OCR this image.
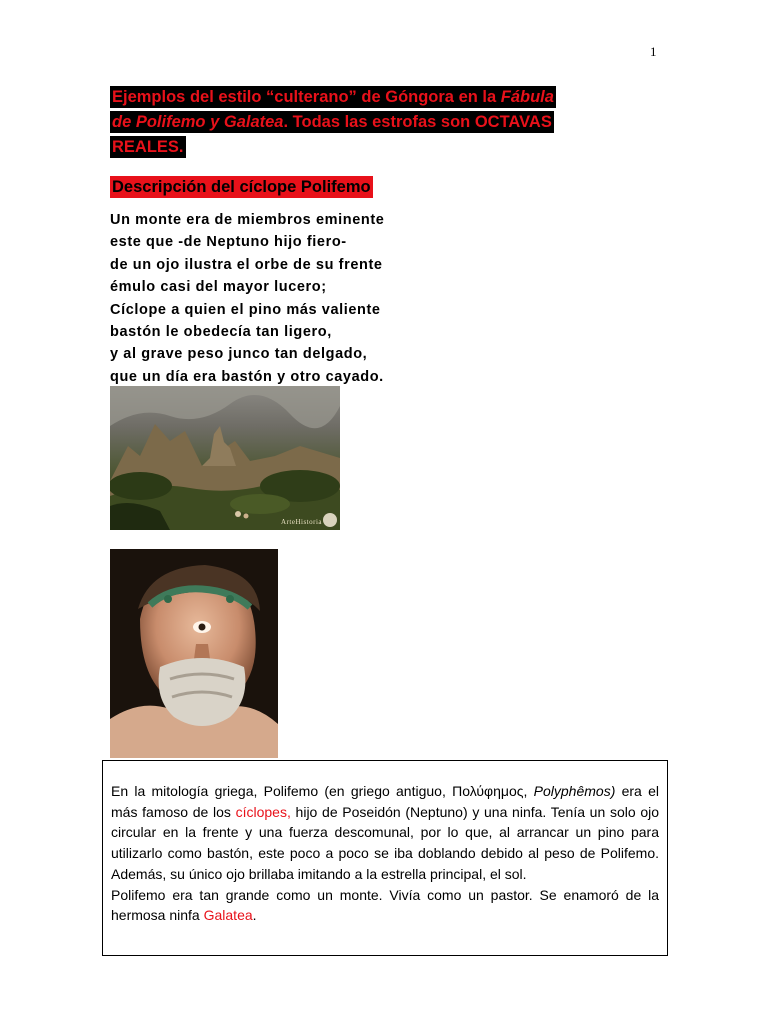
1
Ejemplos del estilo “culterano” de Góngora en la Fábula
de Polifemo y Galatea. Todas las estrofas son OCTAVAS
REALES.
Descripción del cíclope Polifemo
Un monte era de miembros eminente
este que -de Neptuno hijo fiero-
de un ojo ilustra el orbe de su frente
émulo casi del mayor lucero;
Cíclope a quien el pino más valiente
bastón le obedecía tan ligero,
y al grave peso junco tan delgado,
que un día era bastón y otro cayado.
ArteHistoria

En la mitología griega, Polifemo (en griego antiguo, Πολύφημος, Polyphêmos) era el más famoso de los cíclopes, hijo de Poseidón (Neptuno) y una ninfa. Tenía un solo ojo circular en la frente y una fuerza descomunal, por lo que, al arrancar un pino para utilizarlo como bastón, este poco a poco se iba doblando debido al peso de Polifemo. Además, su único ojo brillaba imitando a la estrella principal, el sol.

Polifemo era tan grande como un monte. Vivía como un pastor. Se enamoró de la hermosa ninfa Galatea.
